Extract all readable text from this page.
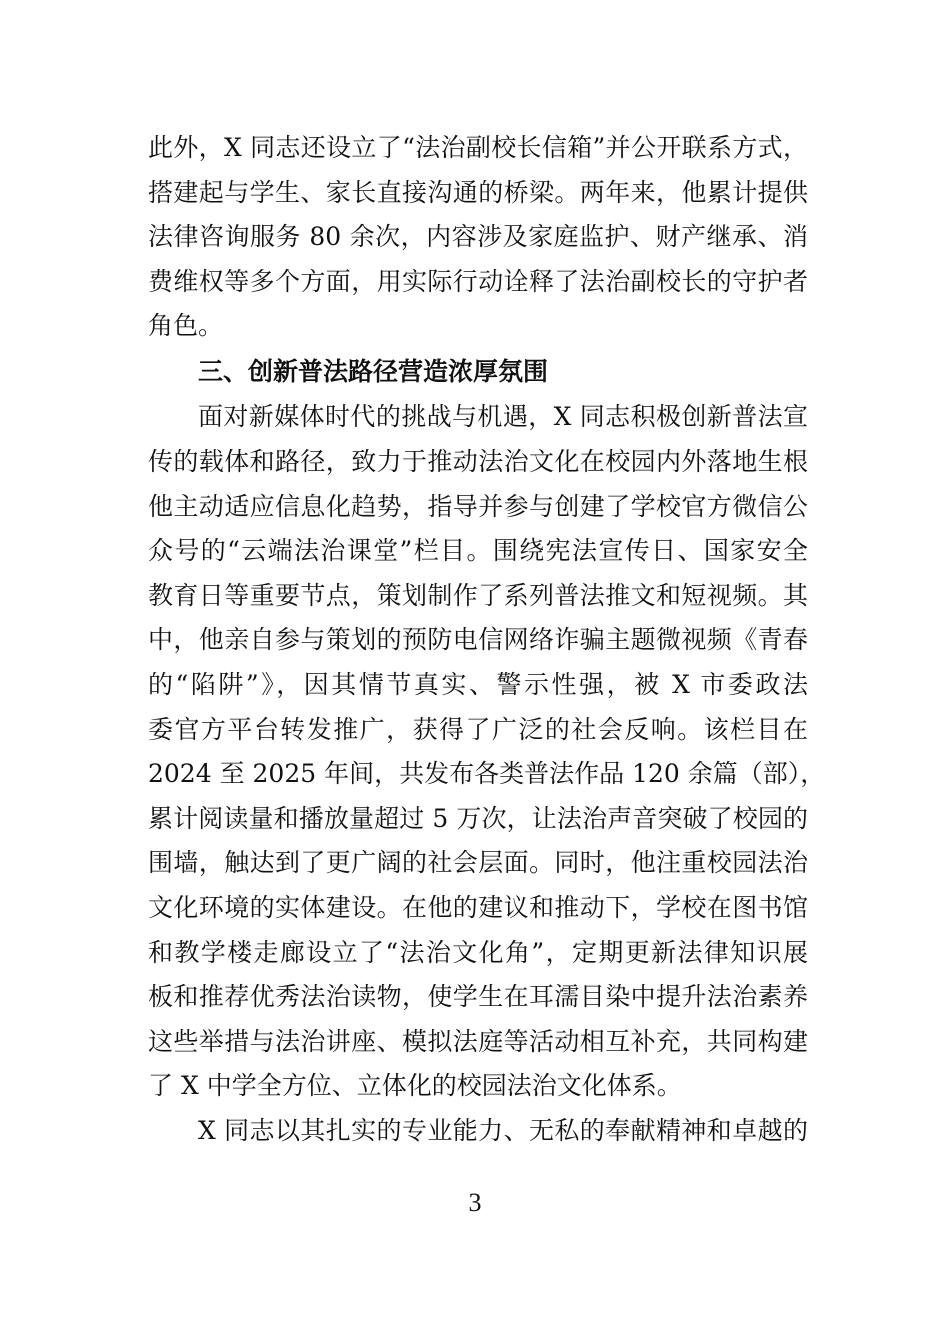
此外，X 同志还设立了“法治副校长信箱”并公开联系方式，
搭建起与学生、家长直接沟通的桥梁。两年来，他累计提供
法律咨询服务 80 余次，内容涉及家庭监护、财产继承、消
费维权等多个方面，用实际行动诠释了法治副校长的守护者
角色。
三、创新普法路径营造浓厚氛围
面对新媒体时代的挑战与机遇，X 同志积极创新普法宣
传的载体和路径，致力于推动法治文化在校园内外落地生根
他主动适应信息化趋势，指导并参与创建了学校官方微信公
众号的“云端法治课堂”栏目。围绕宪法宣传日、国家安全
教育日等重要节点，策划制作了系列普法推文和短视频。其
中，他亲自参与策划的预防电信网络诈骗主题微视频《青春
的“陷阱”》，因其情节真实、警示性强，被 X 市委政法
委官方平台转发推广，获得了广泛的社会反响。该栏目在
2024 至 2025 年间，共发布各类普法作品 120 余篇（部），
累计阅读量和播放量超过 5 万次，让法治声音突破了校园的
围墙，触达到了更广阔的社会层面。同时，他注重校园法治
文化环境的实体建设。在他的建议和推动下，学校在图书馆
和教学楼走廊设立了“法治文化角”，定期更新法律知识展
板和推荐优秀法治读物，使学生在耳濡目染中提升法治素养
这些举措与法治讲座、模拟法庭等活动相互补充，共同构建
了 X 中学全方位、立体化的校园法治文化体系。
X 同志以其扎实的专业能力、无私的奉献精神和卓越的
3
